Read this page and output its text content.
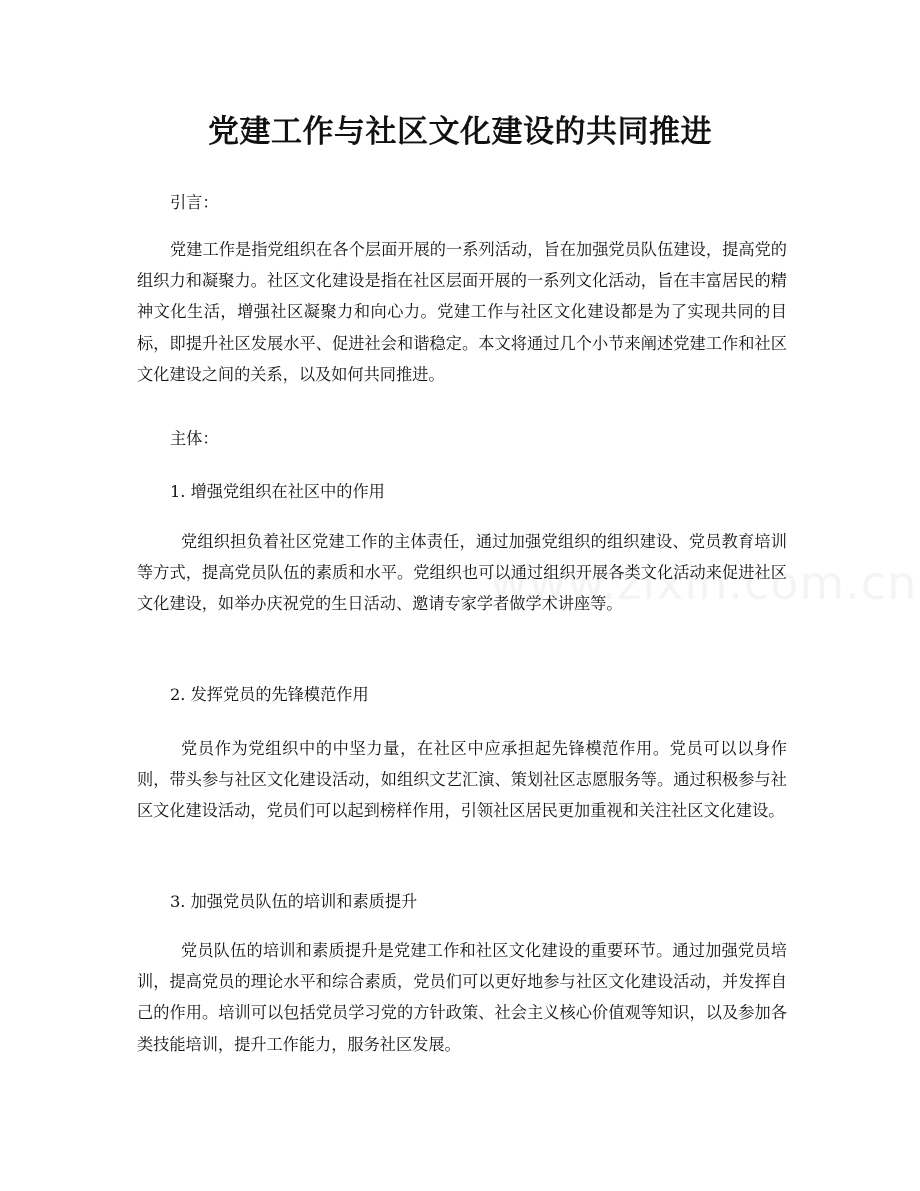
党建工作与社区文化建设的共同推进

引言：

党建工作是指党组织在各个层面开展的一系列活动，旨在加强党员队伍建设，提高党的组织力和凝聚力。社区文化建设是指在社区层面开展的一系列文化活动，旨在丰富居民的精神文化生活，增强社区凝聚力和向心力。党建工作与社区文化建设都是为了实现共同的目标，即提升社区发展水平、促进社会和谐稳定。本文将通过几个小节来阐述党建工作和社区文化建设之间的关系，以及如何共同推进。

主体：

1. 增强党组织在社区中的作用

党组织担负着社区党建工作的主体责任，通过加强党组织的组织建设、党员教育培训等方式，提高党员队伍的素质和水平。党组织也可以通过组织开展各类文化活动来促进社区文化建设，如举办庆祝党的生日活动、邀请专家学者做学术讲座等。

2. 发挥党员的先锋模范作用

党员作为党组织中的中坚力量，在社区中应承担起先锋模范作用。党员可以以身作则，带头参与社区文化建设活动，如组织文艺汇演、策划社区志愿服务等。通过积极参与社区文化建设活动，党员们可以起到榜样作用，引领社区居民更加重视和关注社区文化建设。

3. 加强党员队伍的培训和素质提升

党员队伍的培训和素质提升是党建工作和社区文化建设的重要环节。通过加强党员培训，提高党员的理论水平和综合素质，党员们可以更好地参与社区文化建设活动，并发挥自己的作用。培训可以包括党员学习党的方针政策、社会主义核心价值观等知识，以及参加各类技能培训，提升工作能力，服务社区发展。
